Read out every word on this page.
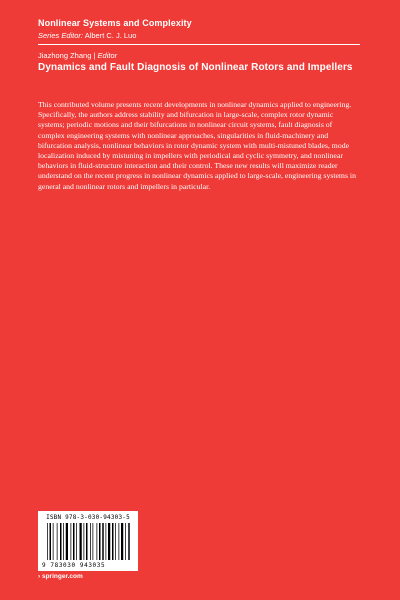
Nonlinear Systems and Complexity
Series Editor: Albert C. J. Luo
Jiazhong Zhang | Editor
Dynamics and Fault Diagnosis of Nonlinear Rotors and Impellers
This contributed volume presents recent developments in nonlinear dynamics applied to engineering. Specifically, the authors address stability and bifurcation in large-scale, complex rotor dynamic systems; periodic motions and their bifurcations in nonlinear circuit systems, fault diagnosis of complex engineering systems with nonlinear approaches, singularities in fluid-machinery and bifurcation analysis, nonlinear behaviors in rotor dynamic system with multi-mistuned blades, mode localization induced by mistuning in impellers with periodical and cyclic symmetry, and nonlinear behaviors in fluid-structure interaction and their control. These new results will maximize reader understand on the recent progress in nonlinear dynamics applied to large-scale, engineering systems in general and nonlinear rotors and impellers in particular.
ISBN 978-3-030-94303-5
9 783030 943035
› springer.com
